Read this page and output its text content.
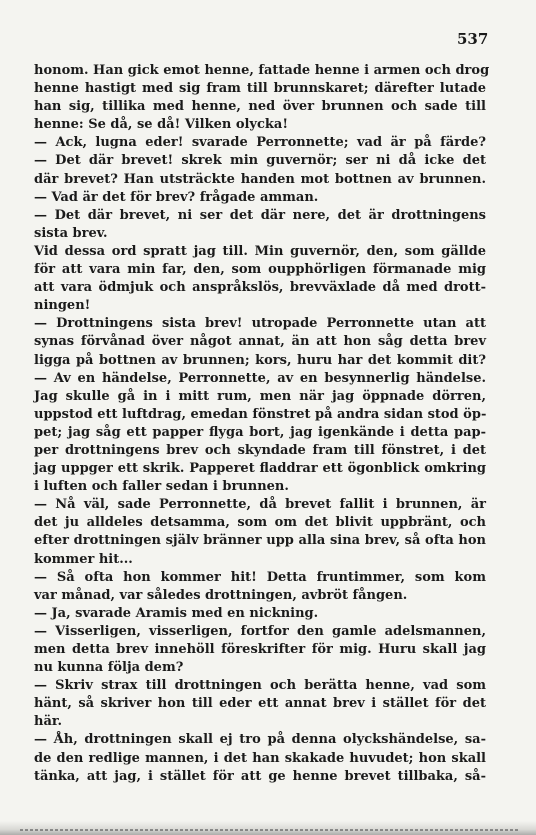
537
honom. Han gick emot henne, fattade henne i armen och drog
henne hastigt med sig fram till brunnskaret; därefter lutade
han sig, tillika med henne, ned över brunnen och sade till
henne: Se då, se då! Vilken olycka!
— Ack, lugna eder! svarade Perronnette; vad är på färde?
— Det där brevet! skrek min guvernör; ser ni då icke det
där brevet? Han utsträckte handen mot bottnen av brunnen.
— Vad är det för brev? frågade amman.
— Det där brevet, ni ser det där nere, det är drottningens
sista brev.
Vid dessa ord spratt jag till. Min guvernör, den, som gällde
för att vara min far, den, som oupphörligen förmanade mig
att vara ödmjuk och anspråkslös, brevväxlade då med drott-
ningen!
— Drottningens sista brev! utropade Perronnette utan att
synas förvånad över något annat, än att hon såg detta brev
ligga på bottnen av brunnen; kors, huru har det kommit dit?
— Av en händelse, Perronnette, av en besynnerlig händelse.
Jag skulle gå in i mitt rum, men när jag öppnade dörren,
uppstod ett luftdrag, emedan fönstret på andra sidan stod öp-
pet; jag såg ett papper flyga bort, jag igenkände i detta pap-
per drottningens brev och skyndade fram till fönstret, i det
jag uppger ett skrik. Papperet fladdrar ett ögonblick omkring
i luften och faller sedan i brunnen.
— Nå väl, sade Perronnette, då brevet fallit i brunnen, är
det ju alldeles detsamma, som om det blivit uppbränt, och
efter drottningen själv bränner upp alla sina brev, så ofta hon
kommer hit...
— Så ofta hon kommer hit! Detta fruntimmer, som kom
var månad, var således drottningen, avbröt fången.
— Ja, svarade Aramis med en nickning.
— Visserligen, visserligen, fortfor den gamle adelsmannen,
men detta brev innehöll föreskrifter för mig. Huru skall jag
nu kunna följa dem?
— Skriv strax till drottningen och berätta henne, vad som
hänt, så skriver hon till eder ett annat brev i stället för det
här.
— Åh, drottningen skall ej tro på denna olyckshändelse, sa-
de den redlige mannen, i det han skakade huvudet; hon skall
tänka, att jag, i stället för att ge henne brevet tillbaka, så-
